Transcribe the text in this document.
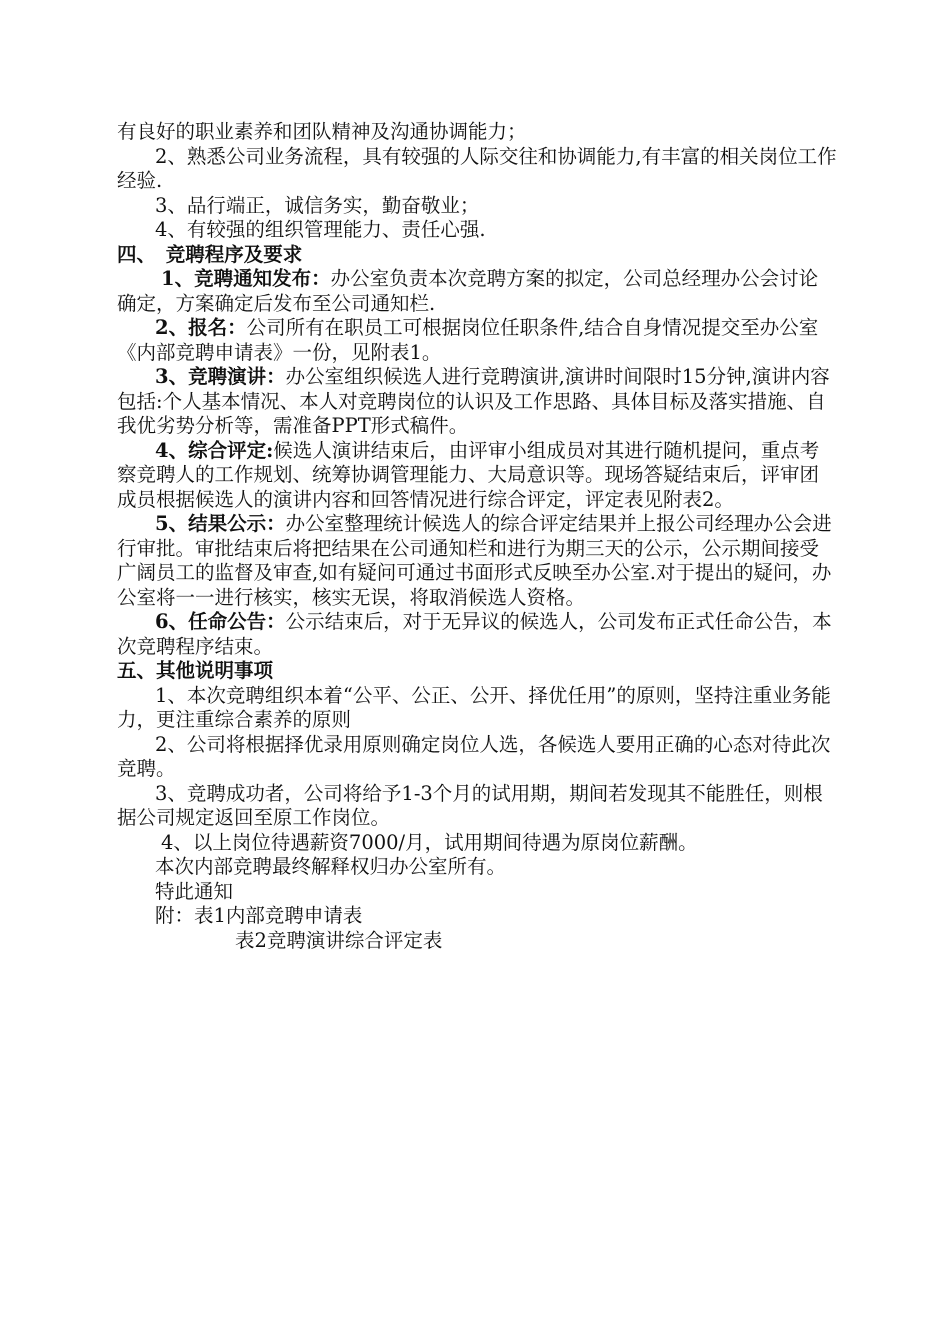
有良好的职业素养和团队精神及沟通协调能力；

2、熟悉公司业务流程，具有较强的人际交往和协调能力,有丰富的相关岗位工作经验.

3、品行端正，诚信务实，勤奋敬业；

4、有较强的组织管理能力、责任心强.

四、　竞聘程序及要求

1、竞聘通知发布：办公室负责本次竞聘方案的拟定，公司总经理办公会讨论确定，方案确定后发布至公司通知栏.

2、报名：公司所有在职员工可根据岗位任职条件,结合自身情况提交至办公室《内部竞聘申请表》一份，见附表1。

3、竞聘演讲：办公室组织候选人进行竞聘演讲,演讲时间限时15分钟,演讲内容包括:个人基本情况、本人对竞聘岗位的认识及工作思路、具体目标及落实措施、自我优劣势分析等，需准备PPT形式稿件。

4、综合评定:候选人演讲结束后，由评审小组成员对其进行随机提问，重点考察竞聘人的工作规划、统筹协调管理能力、大局意识等。现场答疑结束后，评审团成员根据候选人的演讲内容和回答情况进行综合评定，评定表见附表2。

5、结果公示：办公室整理统计候选人的综合评定结果并上报公司经理办公会进行审批。审批结束后将把结果在公司通知栏和进行为期三天的公示，公示期间接受广阔员工的监督及审查,如有疑问可通过书面形式反映至办公室.对于提出的疑问，办公室将一一进行核实，核实无误，将取消候选人资格。

6、任命公告：公示结束后，对于无异议的候选人，公司发布正式任命公告，本次竞聘程序结束。

五、其他说明事项

1、本次竞聘组织本着“公平、公正、公开、择优任用”的原则，坚持注重业务能力，更注重综合素养的原则

2、公司将根据择优录用原则确定岗位人选，各候选人要用正确的心态对待此次竞聘。

3、竞聘成功者，公司将给予1-3个月的试用期，期间若发现其不能胜任，则根据公司规定返回至原工作岗位。

4、以上岗位待遇薪资7000/月，试用期间待遇为原岗位薪酬。

本次内部竞聘最终解释权归办公室所有。

特此通知

附：表1内部竞聘申请表

表2竞聘演讲综合评定表
